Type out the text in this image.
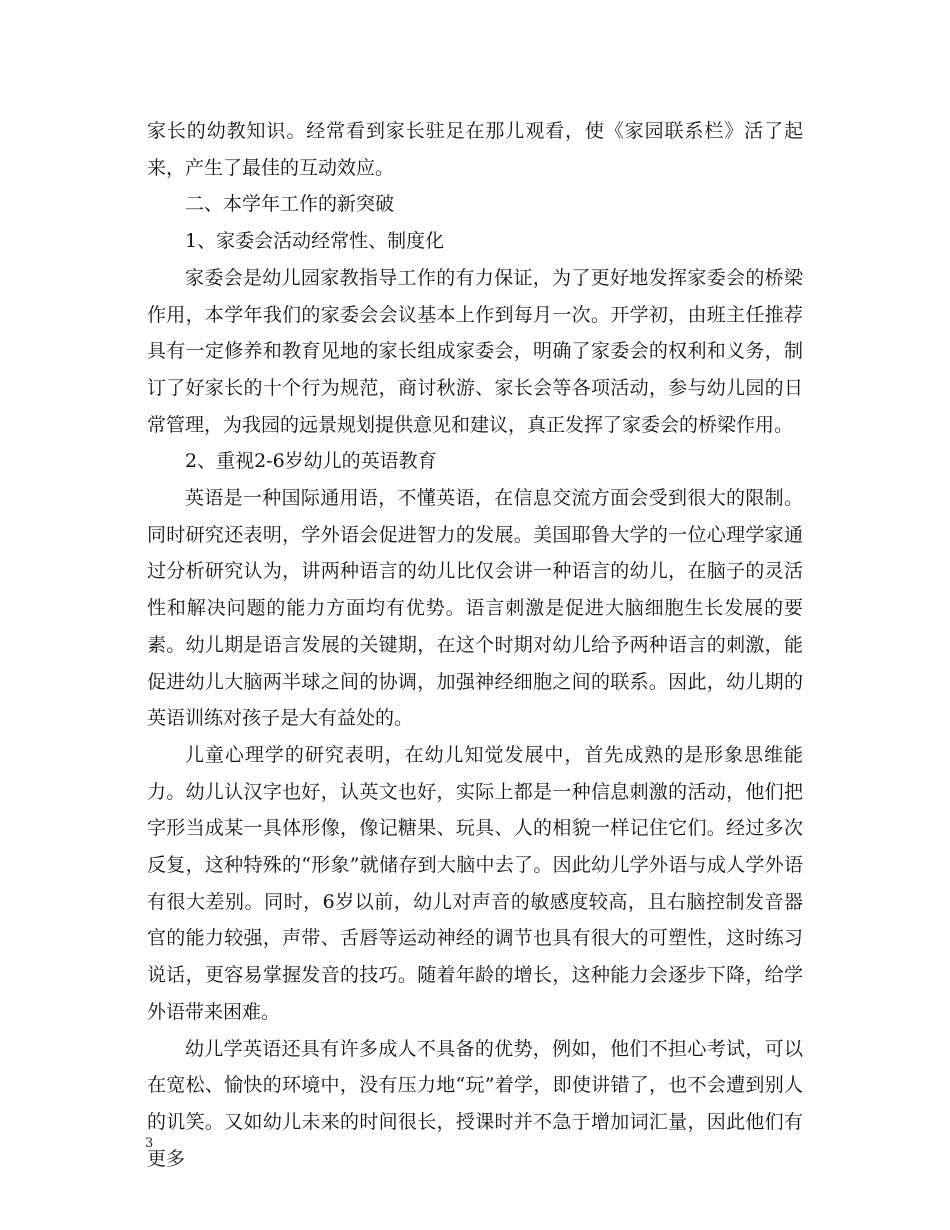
家长的幼教知识。经常看到家长驻足在那儿观看，使《家园联系栏》活了起来，产生了最佳的互动效应。

二、本学年工作的新突破

1、家委会活动经常性、制度化

家委会是幼儿园家教指导工作的有力保证，为了更好地发挥家委会的桥梁作用，本学年我们的家委会会议基本上作到每月一次。开学初，由班主任推荐具有一定修养和教育见地的家长组成家委会，明确了家委会的权利和义务，制订了好家长的十个行为规范，商讨秋游、家长会等各项活动，参与幼儿园的日常管理，为我园的远景规划提供意见和建议，真正发挥了家委会的桥梁作用。

2、重视2-6岁幼儿的英语教育

英语是一种国际通用语，不懂英语，在信息交流方面会受到很大的限制。同时研究还表明，学外语会促进智力的发展。美国耶鲁大学的一位心理学家通过分析研究认为，讲两种语言的幼儿比仅会讲一种语言的幼儿，在脑子的灵活性和解决问题的能力方面均有优势。语言刺激是促进大脑细胞生长发展的要素。幼儿期是语言发展的关键期，在这个时期对幼儿给予两种语言的刺激，能促进幼儿大脑两半球之间的协调，加强神经细胞之间的联系。因此，幼儿期的英语训练对孩子是大有益处的。

儿童心理学的研究表明，在幼儿知觉发展中，首先成熟的是形象思维能力。幼儿认汉字也好，认英文也好，实际上都是一种信息刺激的活动，他们把字形当成某一具体形像，像记糖果、玩具、人的相貌一样记住它们。经过多次反复，这种特殊的“形象”就储存到大脑中去了。因此幼儿学外语与成人学外语有很大差别。同时，6岁以前，幼儿对声音的敏感度较高，且右脑控制发音器官的能力较强，声带、舌唇等运动神经的调节也具有很大的可塑性，这时练习说话，更容易掌握发音的技巧。随着年龄的增长，这种能力会逐步下降，给学外语带来困难。

幼儿学英语还具有许多成人不具备的优势，例如，他们不担心考试，可以在宽松、愉快的环境中，没有压力地“玩”着学，即使讲错了，也不会遭到别人的讥笑。又如幼儿未来的时间很长，授课时并不急于增加词汇量，因此他们有更多

3
